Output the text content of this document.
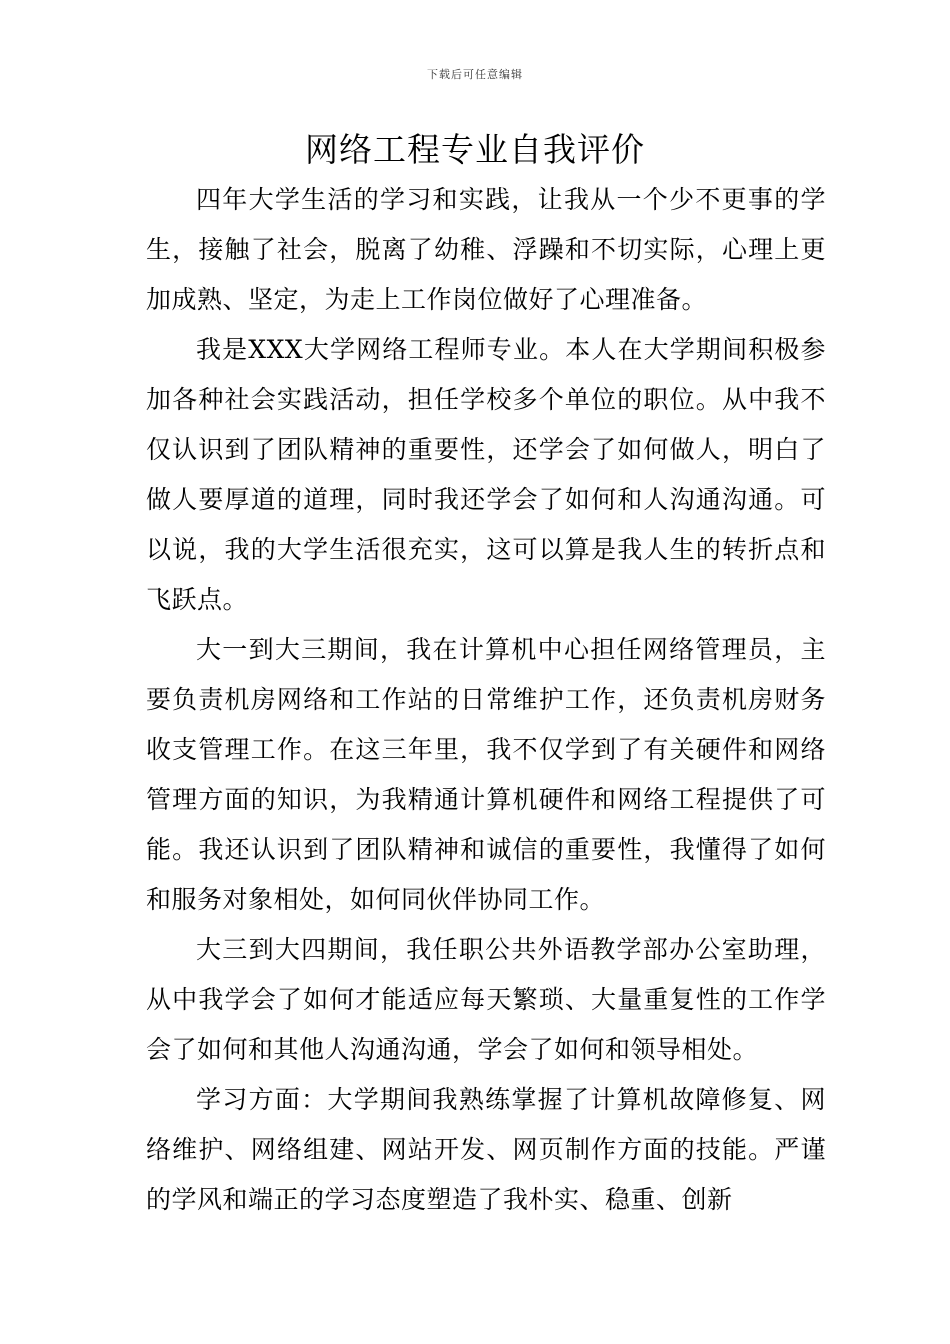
下载后可任意编辑
网络工程专业自我评价

四年大学生活的学习和实践，让我从一个少不更事的学生，接触了社会，脱离了幼稚、浮躁和不切实际，心理上更加成熟、坚定，为走上工作岗位做好了心理准备。

我是XXX大学网络工程师专业。本人在大学期间积极参加各种社会实践活动，担任学校多个单位的职位。从中我不仅认识到了团队精神的重要性，还学会了如何做人，明白了做人要厚道的道理，同时我还学会了如何和人沟通沟通。可以说，我的大学生活很充实，这可以算是我人生的转折点和飞跃点。

大一到大三期间，我在计算机中心担任网络管理员，主要负责机房网络和工作站的日常维护工作，还负责机房财务收支管理工作。在这三年里，我不仅学到了有关硬件和网络管理方面的知识，为我精通计算机硬件和网络工程提供了可能。我还认识到了团队精神和诚信的重要性，我懂得了如何和服务对象相处，如何同伙伴协同工作。

大三到大四期间，我任职公共外语教学部办公室助理，从中我学会了如何才能适应每天繁琐、大量重复性的工作学会了如何和其他人沟通沟通，学会了如何和领导相处。

学习方面：大学期间我熟练掌握了计算机故障修复、网络维护、网络组建、网站开发、网页制作方面的技能。严谨的学风和端正的学习态度塑造了我朴实、稳重、创新
